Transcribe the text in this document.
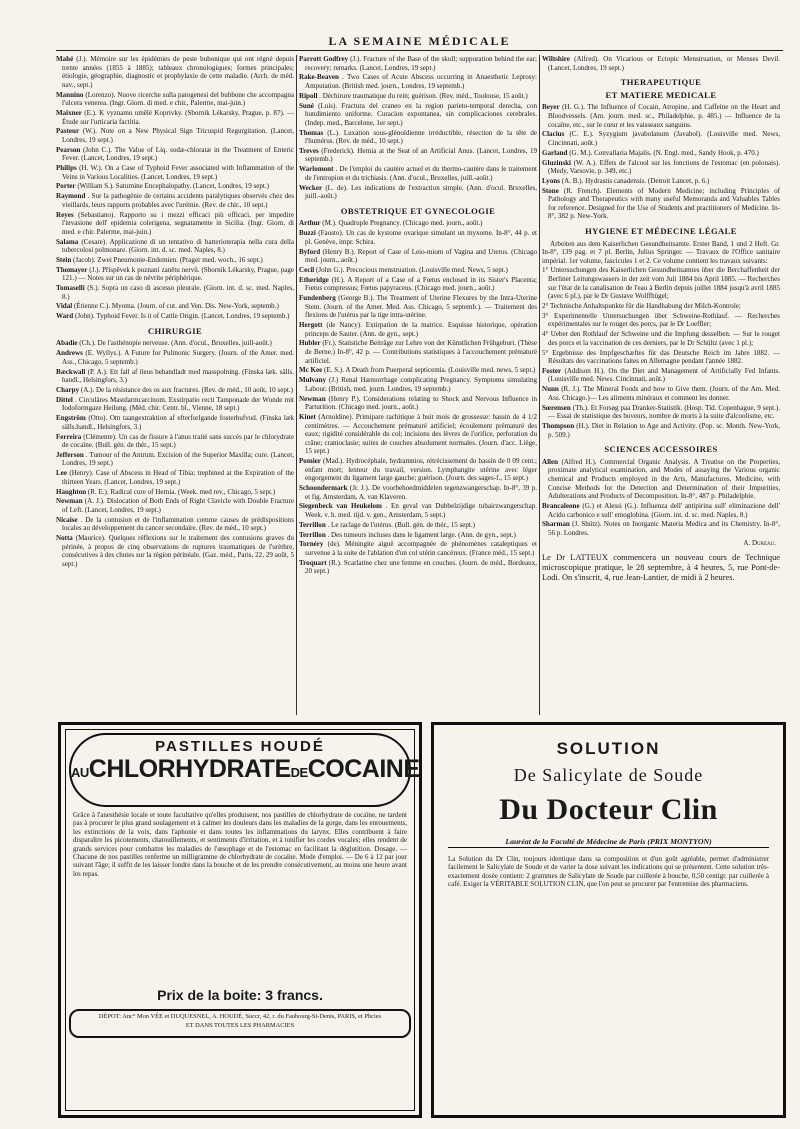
LA SEMAINE MÉDICALE
Mahé (J.). Mémoire sur les épidémies de peste bubonique qui ont régné depuis trente années (1855 à 1885); tableaux chronologiques; formes principales; étiologie, géographie, diagnostic et prophylaxie de cette maladie. (Arch. de méd. nav., sept.)
Mannino (Lorenzo). Nuove ricerche sulla patogenesi del bubbone che accompagna l'ulcera venerea. (Ingr. Giorn. di med. e chir., Palerme, mai-juin.)
Maixner (E.). K vyznamu umělé Koprivky. (Sbornik Lékarsky, Prague, p. 87). — Étude sur l'urticaria factitia.
Pasteur (W.). Note on a New Physical Sign Tricuspid Regurgitation. (Lancet, Londres, 19 sept.)
Pearson (John C.). The Value of Liq. sodæ-chloratæ in the Treatment of Enteric Fever. (Lancet, Londres, 19 sept.)
Philips (H. W.). On a Case of Typhoid Fever associated with Inflammation of the Veins in Various Localities. (Lancet, Londres, 19 sept.)
Porter (William S.). Saturnine Encephalopathy. (Lancet, Londres, 19 sept.)
Raymond . Sur la pathogénie de certains accidents paralytiques observés chez des vieillards, leurs rapports probables avec l'urémie. (Rev. de chir., 10 sept.)
Reyes (Sebastiano). Rapporto su i mezzi efficaci più efficaci, per impedire l'invasione dell' epidemia colerigena, segnatamente in Sicilia. (Ingr. Giorn. di med. e chir. Palerme, mai-juin.)
Salama (Cesare). Applicazione di un tentativo di batterioterapia nella cura della tubercolosi polmonare. (Giorn. int. d. sc. med. Naples, 8.)
Stein (Jacob). Zwei Pneumonie-Endemien. (Prager med. woch., 16 sept.)
Thomayer (J.). Příspěvek k poznaní zanětu nervů. (Sbornik Lékarsky, Prague, page 121.) — Notes sur un cas de névrite périphérique.
Tomaselli (S.). Sopra un caso di ascesso pleurale. (Giorn. int. d. sc. med. Naples, 8.)
Vidal (Étienne C.). Myoma. (Journ. of cut. and Ven. Dis. New-York, septemb.)
Ward (John). Typhoid Fever. Is it of Cattle Origin. (Lancet, Londres, 19 septemb.)
CHIRURGIE
Abadie (Ch.). De l'asthénopie nerveuse. (Ann. d'ocul., Bruxelles, juill-août.)
Andrews (E. Wyllys.). A Future for Pulmonic Surgery. (Journ. of the Amer. med. Ass., Chicago, 5 septemb.)
Bæckwall (P. A.). Ett fall af ileus behandladt med masspolning. (Finska læk. sälls. handl., Helsingfors, 3.)
Charpy (A.). De la résistance des os aux fractures. (Rev. de méd., 10 août, 10 sept.)
Dittel . Circuläres Mastdarmcarcinom. Exstirpatio recti Tamponade der Wunde mit Iodoformgaze Heilung. (Méd. chir. Centr. bl., Vienne, 18 sept.)
Engström (Otto). Om taangextraktion af efterforlgande fosterhufvud. (Finska læk sälls.handl., Helsingfors, 3.)
Ferreira (Clémente). Un cas de fissure à l'anus traité sans succès par le chlorydrate de cocaïne. (Bull. gén. de thér., 15 sept.)
Jefferson . Tumour of the Antrum. Excision of the Superior Maxilla; cure. (Lancet, Londres, 19 sept.)
Lee (Henry). Case of Abscess in Head of Tibia; trephined at the Expiration of the thirteen Years. (Lancet, Londres, 19 sept.)
Haughton (R. E.). Radical cure of Hernia. (Week. med rev., Chicago, 5 sept.)
Newman (A. J.). Dislocation of Both Ends of Right Clavicle with Double Fracture of Left. (Lancet, Londres, 19 sept.)
Nicaise . De la contusion et de l'inflammation comme causes de prédispositions locales au développement du cancer secondaire. (Rev. de méd., 10 sept.)
Notta (Maurice). Quelques réflexions sur le traitement des contusions graves du périnée, à propos de cinq observations de ruptures traumatiques de l'urèthre, consécutives à des chutes sur la région périnéale. (Gaz. méd., Paris, 22, 29 août, 5 sept.)
Parrott Godfrey (J.). Fracture of the Base of the skull; suppuration behind the ear; recovery; remarks. (Lancet, Londres, 19 sept.)
Rake-Beaven . Two Cases of Acute Abscess occurring in Anaesthetic Leprosy: Amputation. (British med. journ., Londres, 19 septemb.)
Ripoll . Déchirure traumatique du rein; guérison. (Rev. méd., Toulouse, 15 août.)
Suné (Luis). Fractura del craneo en la region parieto-temporal derecha, con hundimiento uniforme. Curacion expontanea, sin complicaciones cerebrales. (Indep. med., Barcelone, 1er sept.)
Thomas (L.). Luxation sous-glénoïdienne irréductible, résection de la tête de l'humérus. (Rev. de méd., 10 sept.)
Treves (Frederick). Hernia at the Seat of an Artificial Anus. (Lancet, Londres, 19 septemb.)
Warlomont . De l'emploi du cautère actuel et du thermo-cautère dans le traitement de l'entropion et du trichiasis. (Ann. d'ocul., Bruxelles, juill.-août.)
Wecker (L. de). Les indications de l'extraction simple. (Ann. d'ocul. Bruxelles, juill.-août.)
OBSTETRIQUE ET GYNECOLOGIE
Arthur (M.). Quadruple Pregnancy. (Chicago med. journ., août.)
Buzzi (Fausto). Un cas de kystome ovarique simulant un myxome. In-8°, 44 p. et pl. Genève, impr. Schira.
Byford (Henry B.). Report of Case of Leio-miom of Vagina and Uterus. (Chicago med. journ., août.)
Cecil (John G.). Precocious menstruation. (Louisville med. News, 5 sept.)
Etheridge (H.). A Report of a Case of a Fœtus enclosed in its Sister's Placenta; Fœtus compressus; Fœtus papyraceus. (Chicago med. journ., août.)
Fundenberg (George B.). The Treatment of Uterine Flexures by the Intra-Uterine Stem. (Journ. of the Amer. Med. Ass. Chicago, 5 septemb.). — Traitement des flexions de l'utérus par la tige intra-utérine.
Hergott (de Nancy). Extirpation de la matrice. Esquisse historique, opération princeps de Sauter. (Ann. de gyn., sept.)
Hubler (Fr.). Statistiche Beiträge zur Lehre von der Künstlichen Frühgeburt. (Thèse de Berne.) In-8°, 42 p. — Contributions statistiques à l'accouchement prématuré artificiel.
Mc Kee (E. S.). A Death from Puerperal septicemia. (Louisville med. news, 5 sept.)
Mulvany (J.) Renal Hæmorrhage complicating Pregnancy. Symptoms simulating Labour. (British, med. journ. Londres, 19 septemb.)
Newman (Henry P.). Considerations relating to Shock and Nervous Influence in Parturition. (Chicago med. journ., août.)
Kinet (Arnoldine). Primipare rachitique à huit mois de grossesse: bassin de 4 1/2 centimètres. — Accouchement prématuré artificiel; écoulement prématuré des eaux; rigidité considérable du col; incisions des lèvres de l'orifice, perforation du crâne; cranioclasie; suites de couches absolument normales. (Journ. d'acc. Liège, 15 sept.)
Pomier (Mad.). Hydrocéphale, hydramnios, rétrécissement du bassin de 0 09 cent.; enfant mort; lenteur du travail, version. Lymphangite utérine avec léger engorgement du ligament large gauche; guérison. (Journ. des sages-f., 15 sept.)
Schoondermark (Jr. J.). De voorbehoedmiddelen tegenzwangerschap. In-8°, 39 p. et fig. Amsterdam, A. van Klaveren.
Siegenbeck van Heukelom . En geval van Dubbelzijdige tubairzwangerschap. Week. v. h. med. tijd. v. gen., Amsterdam, 5 sept.)
Terrillon . Le raclage de l'utérus. (Bull. gén. de thér., 15 sept.)
Terrillon . Des tumeurs incluses dans le ligament large. (Ann. de gyn., sept.)
Tornéry (de). Méningite aiguë accompagnée de phénomènes cataleptiques et survenue à la suite de l'ablation d'un col utérin cancéreux. (France méd., 15 sept.)
Troquart (R.). Scarlatine chez une femme en couches. (Journ. de méd., Bordeaux, 20 sept.)
Wiltshire (Alfred). On Vicarious or Ectopic Menstruation, or Menses Devil. (Lancet, Londres, 19 sept.)
THERAPEUTIQUE
ET MATIERE MEDICALE
Beyer (H. G.). The Influence of Cocain, Atropine, and Caffeine on the Heart and Bloodvessels. (Am. journ. med. sc., Philadelphie, p. 485.) — Influence de la cocaïne, etc., sur le cœur et les vaisseaux sanguins.
Clacius (C. E.). Syzygium javabolanum (Javabol). (Louisville med. News, Cincinnati, août.)
Garland (G. M.). Convallaria Majalis. (N. Engl. med., Sandy Hook, p. 470.)
Gluzinski (W. A.). Effets de l'alcool sur les fonctions de l'estomac (en polonais). (Medy, Varsovie, p. 349, etc.)
Lyons (A. B.). Hydrastis canadensis. (Detroit Lancet, p. 6.)
Stone (R. French). Elements of Modern Medicine; including Principles of Pathology and Therapeutics with many useful Memoranda and Valuables Tables for reference. Designed for the Use of Students and practitioners of Medicine. In-8°, 382 p. New-York.
HYGIENE ET MÉDECINE LÉGALE
Arbeiten aus dem Kaiserlichen Gesundheitsamte. Erster Band, 1 und 2 Heft. Gr. In-8°, 139 pag. et 7 pl. Berlin, Julius Springer. — Travaux de l'Office sanitaire impérial. 1er volume, fascicules 1 et 2. Ce volume contient les travaux suivants:
1° Untersuchungen des Kaiserlichen Gesundheitsamtes über die Berchaffenheit der Berliner Leitungswassers in der zeit vom Juli 1884 bis April 1885. — Recherches sur l'état de la canalisation de l'eau à Berlin depuis juillet 1884 jusqu'à avril 1885 (avec 6 pl.), par le Dr Gustave Wolffhügel;
2° Technische Anhaltspunkte für die Handhabung der Milch-Kontrole;
3° Experimentelle Untersuchungen über Schweine-Rothlauf. — Recherches expérimentales sur le rouget des porcs, par le Dr Loeffler;
4° Ueber den Rothlauf der Schweine und die Impfung desselben. — Sur le rouget des porcs et la vaccination de ces derniers, par le Dr Schültz (avec 1 pl.);
5° Ergebnisse des Impfgeschæftes für das Deutsche Reich im Jahre 1882. — Résultats des vaccinations faites en Allemagne pendant l'année 1882.
Foster (Addison H.). On the Diet and Management of Artificially Fed Infants.(Louisville med. News. Cincinnati, août.)
Nunn (R. J.). The Mineral Foods and how to Give them. (Journ. of the Am. Med. Ass. Chicago.)— Les aliments minéraux et comment les donner.
Sœrensen (Th.). Et Forsøg paa Dranker-Statistik. (Hosp. Tid. Copenhague, 9 sept.). — Essai de statistique des buveurs, nombre de morts à la suite d'alcoolisme, etc.
Thompson (H.). Diet in Relation to Age and Activity. (Pop. sc. Month. New-York, p. 509.)
SCIENCES ACCESSOIRES
Allen (Alfred H.). Commercial Organic Analysis. A Treatise on the Properties, proximate analytical examination, and Modes of assaying the Various organic chemical and Products employed in the Arts, Manufactures, Medicine, with Concise Methods for the Detection and Determination of their Impurities, Adulterations and Products of Decomposition. In-8°, 487 p. Philadelphie.
Brancaleone (G.) et Alessi (G.). Influenza dell' antipirina sull' eliminazione dell' Acido carbonico e sull' emoglobina. (Giorn. int. d. sc. med. Naples, 8.)
Sharman (J. Shütz). Notes on Inorganic Materia Medica and its Chemistry. In-8°, 56 p. Londres.
A. Dureau.
Le Dr LATTEUX commencera un nouveau cours de Technique microscopique pratique, le 28 septembre, à 4 heures, 5, rue Pont-de-Lodi. On s'inscrit, 4, rue Jean-Lantier, de midi à 2 heures.
PASTILLES HOUDÉ
AUCHLORHYDRATEDECOCAINE
Grâce à l'anesthésie locale et toute facultative qu'elles produisent, nos pastilles de chlorhydrate de cocaïne, ne tardent pas à procurer le plus grand soulagement et à calmer les douleurs dans les maladies de la gorge, dans les enrouements, les extinctions de la voix, dans l'aphonie et dans toutes les inflammations du larynx. Elles contribuent à faire disparaître les picotements, chatouillements, et sentiments d'irritation, et à tonifier les cordes vocales; elles rendent de grands services pour combattre les maladies de l'œsophage et de l'estomac en facilitant la déglutition. Dosage. — Chacune de nos pastilles renferme un milligramme de chlorhydrate de cocaïne. Mode d'emploi. — De 6 à 12 par jour suivant l'âge; il suffit de les laisser fondre dans la bouche et de les prendre consécutivement, au moins une heure avant les repas.
Prix de la boite: 3 francs.
DÉPOT: Anc° Mon VÉE et DUQUESNEL, A. HOUDÉ, Succr, 42, r. du Faubourg-St-Denis, PARIS, et Phcies
ET DANS TOUTES LES PHARMACIES
SOLUTION
De Salicylate de Soude
Du Docteur Clin
Lauréat de la Faculté de Médecine de Paris (PRIX MONTYON)
La Solution du Dr Clin, toujours identique dans sa composition et d'un goût agréable, permet d'administrer facilement le Salicylate de Soude et de varier la dose suivant les indications qui se présentent. Cette solution très-exactement dosée contient: 2 grammes de Salicylate de Soude par cuillerée à bouche, 0,50 centigr. par cuillerée à café. Exiger la VÉRITABLE SOLUTION CLIN, que l'on peut se procurer par l'entremise des pharmaciens.
